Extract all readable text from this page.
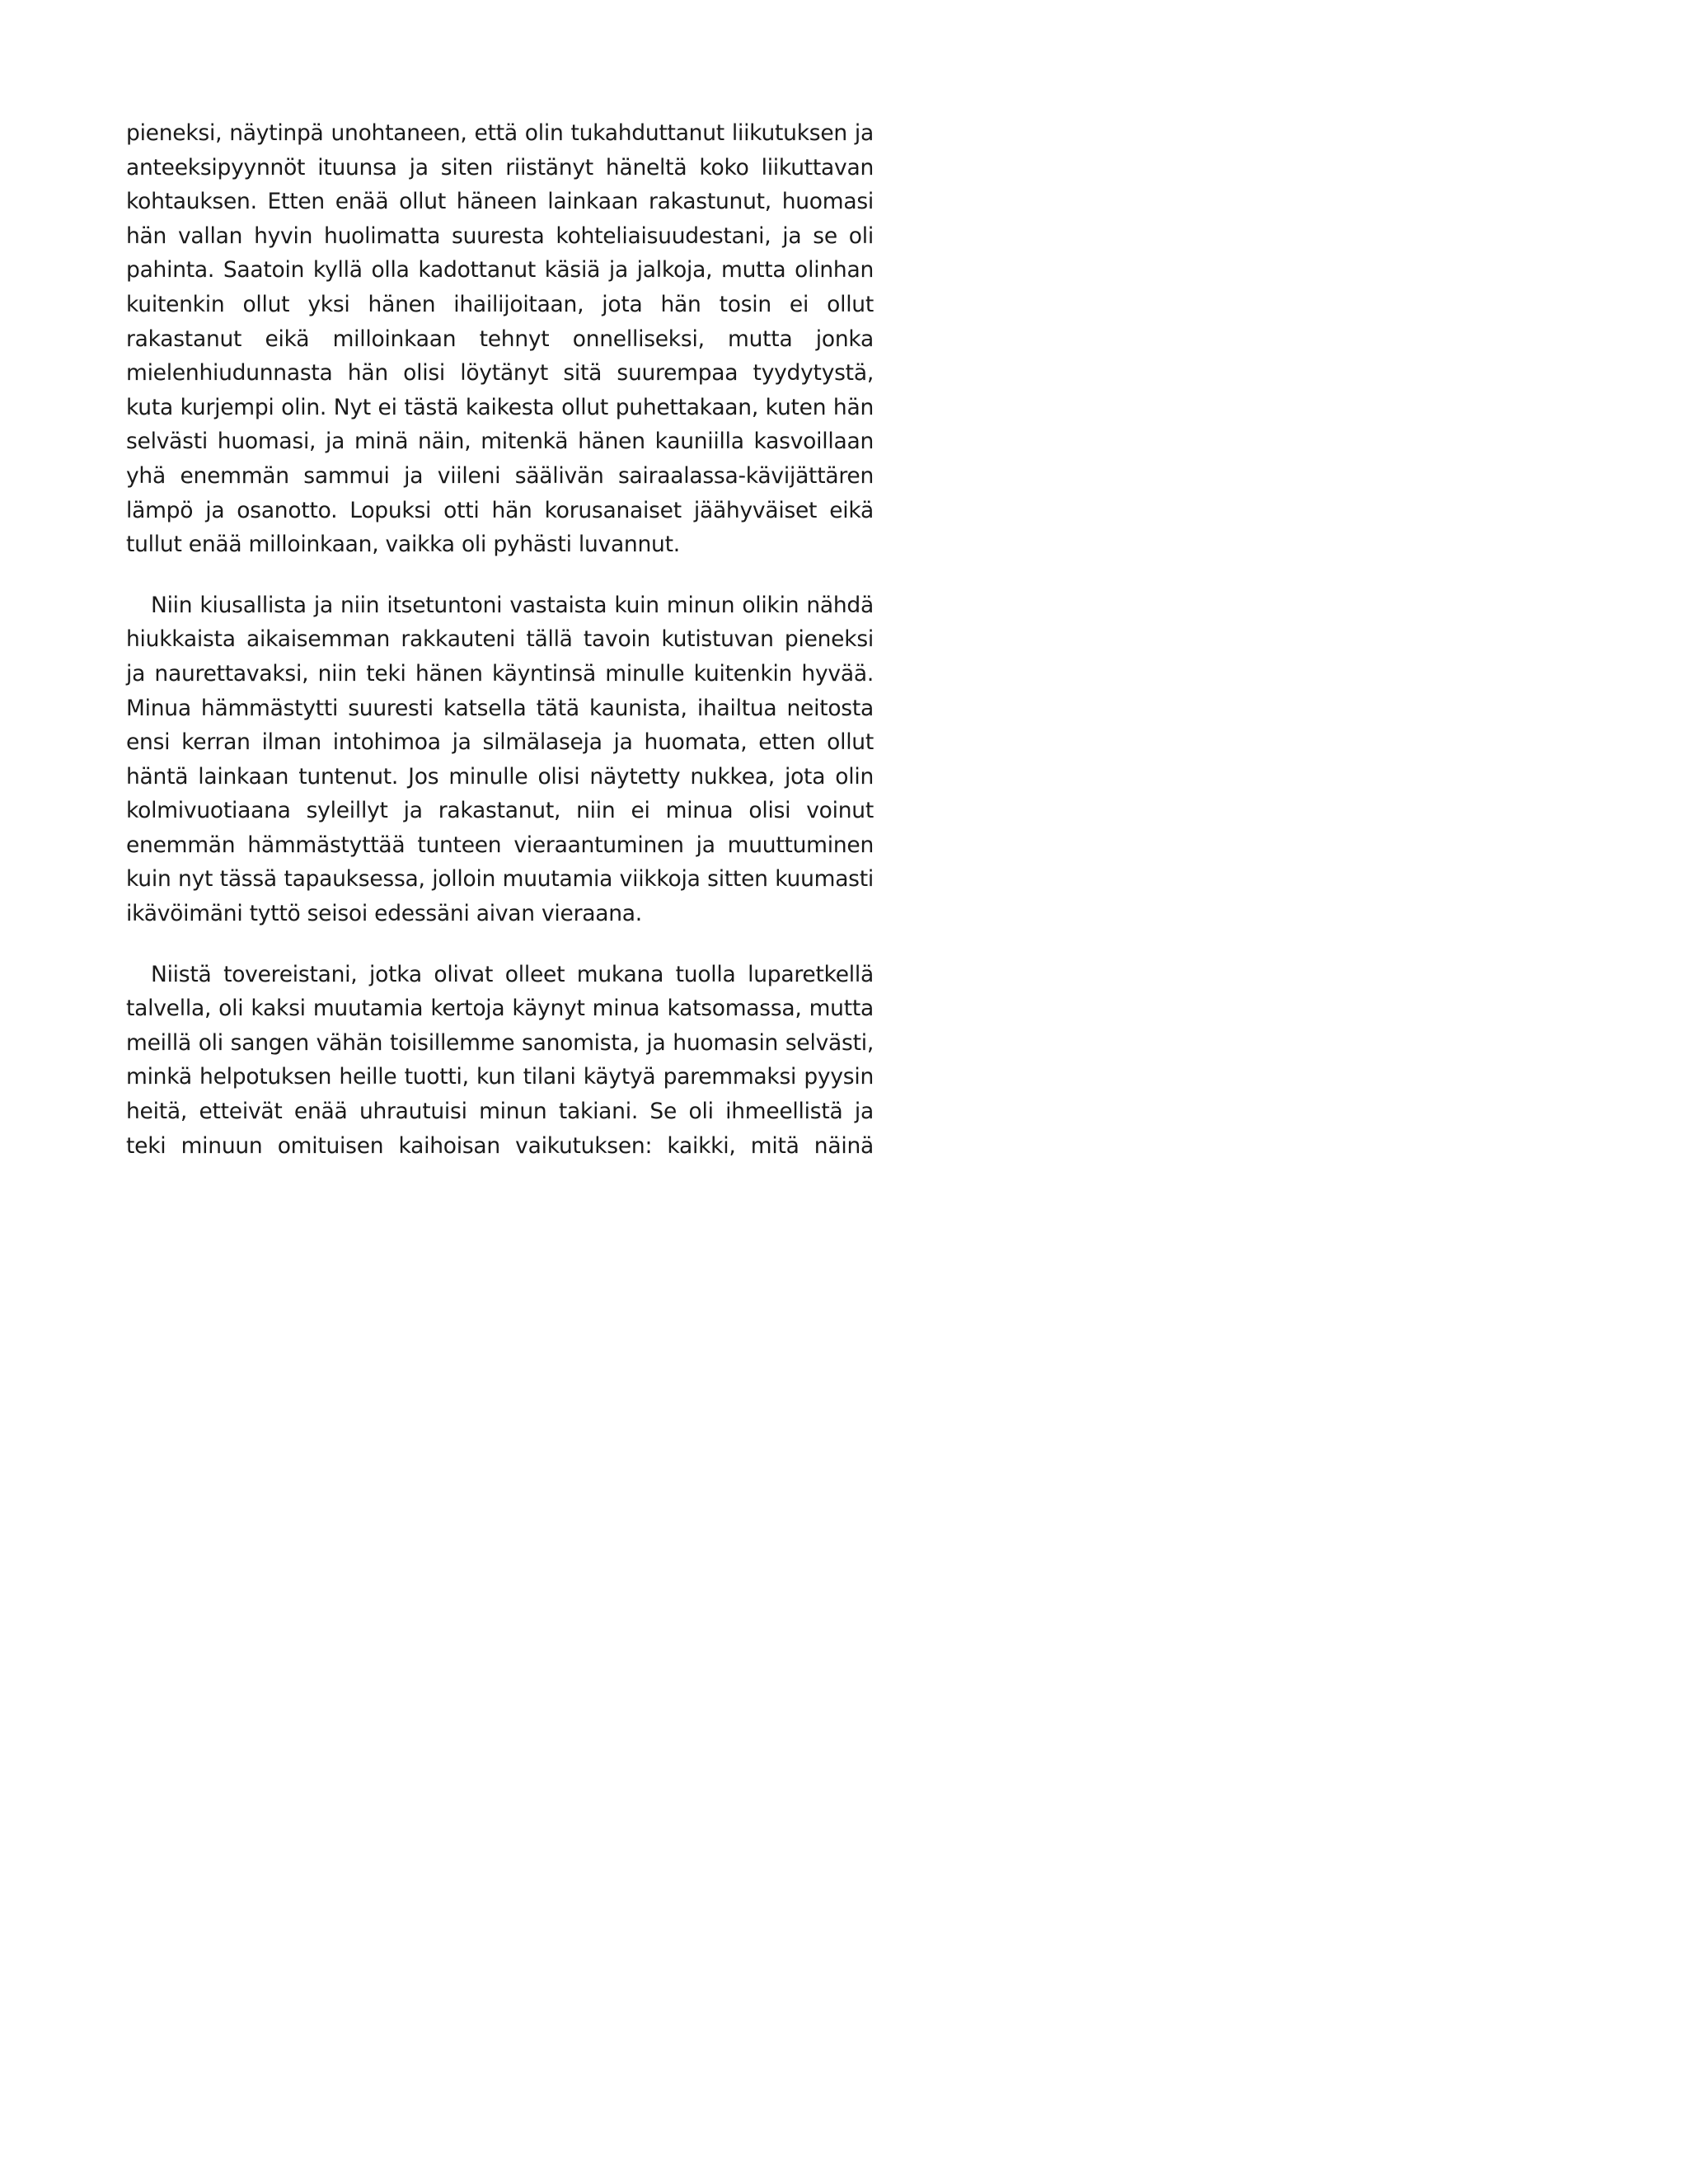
pieneksi, näytinpä unohtaneen, että olin tukahduttanut liikutuksen ja anteeksipyynnöt ituunsa ja siten riistänyt häneltä koko liikuttavan kohtauksen. Etten enää ollut häneen lainkaan rakastunut, huomasi hän vallan hyvin huolimatta suuresta kohteliaisuudestani, ja se oli pahinta. Saatoin kyllä olla kadottanut käsiä ja jalkoja, mutta olinhan kuitenkin ollut yksi hänen ihailijoitaan, jota hän tosin ei ollut rakastanut eikä milloinkaan tehnyt onnelliseksi, mutta jonka mielenhiudunnasta hän olisi löytänyt sitä suurempaa tyydytystä, kuta kurjempi olin. Nyt ei tästä kaikesta ollut puhettakaan, kuten hän selvästi huomasi, ja minä näin, mitenkä hänen kauniilla kasvoillaan yhä enemmän sammui ja viileni säälivän sairaalassa-kävijättären lämpö ja osanotto. Lopuksi otti hän korusanaiset jäähyväiset eikä tullut enää milloinkaan, vaikka oli pyhästi luvannut.

Niin kiusallista ja niin itsetuntoni vastaista kuin minun olikin nähdä hiukkaista aikaisemman rakkauteni tällä tavoin kutistuvan pieneksi ja naurettavaksi, niin teki hänen käyntinsä minulle kuitenkin hyvää. Minua hämmästytti suuresti katsella tätä kaunista, ihailtua neitosta ensi kerran ilman intohimoa ja silmälaseja ja huomata, etten ollut häntä lainkaan tuntenut. Jos minulle olisi näytetty nukkea, jota olin kolmivuotiaana syleillyt ja rakastanut, niin ei minua olisi voinut enemmän hämmästyttää tunteen vieraantuminen ja muuttuminen kuin nyt tässä tapauksessa, jolloin muutamia viikkoja sitten kuumasti ikävöimäni tyttö seisoi edessäni aivan vieraana.

Niistä tovereistani, jotka olivat olleet mukana tuolla luparetkellä talvella, oli kaksi muutamia kertoja käynyt minua katsomassa, mutta meillä oli sangen vähän toisillemme sanomista, ja huomasin selvästi, minkä helpotuksen heille tuotti, kun tilani käytyä paremmaksi pyysin heitä, etteivät enää uhrautuisi minun takiani. Se oli ihmeellistä ja teki minuun omituisen kaihoisan vaikutuksen: kaikki, mitä näinä
